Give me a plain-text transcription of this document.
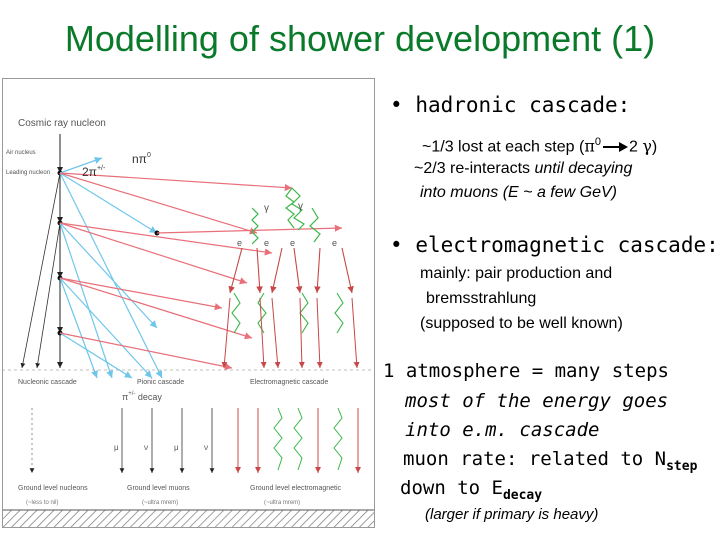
Modelling of shower development (1)
Cosmic ray nucleon
Air nucleus
Leading nucleon	2π+/-
$n\pi^0$
γ	γ
e e e	e
Nucleonic cascade	Pionic cascade	Electromagnetic cascade
π+/- decay
μ	ν	μ	ν
Ground level nucleons	Ground level muons	Ground level electromagnetic
(~less to nil)	(~ultra mrem)	(~ultra mrem)
• hadronic cascade:
~1/3 lost at each step ($\pi^0$ 2 γ)
~2/3 re-interacts until decaying
into muons (E ~ a few GeV)
• electromagnetic cascade:
mainly: pair production and
bremsstrahlung
(supposed to be well known)
1 atmosphere = many steps
most of the energy goes
into e.m. cascade
muon rate: related to $N_{step}$
down to $E_{decay}$
(larger if primary is heavy)
